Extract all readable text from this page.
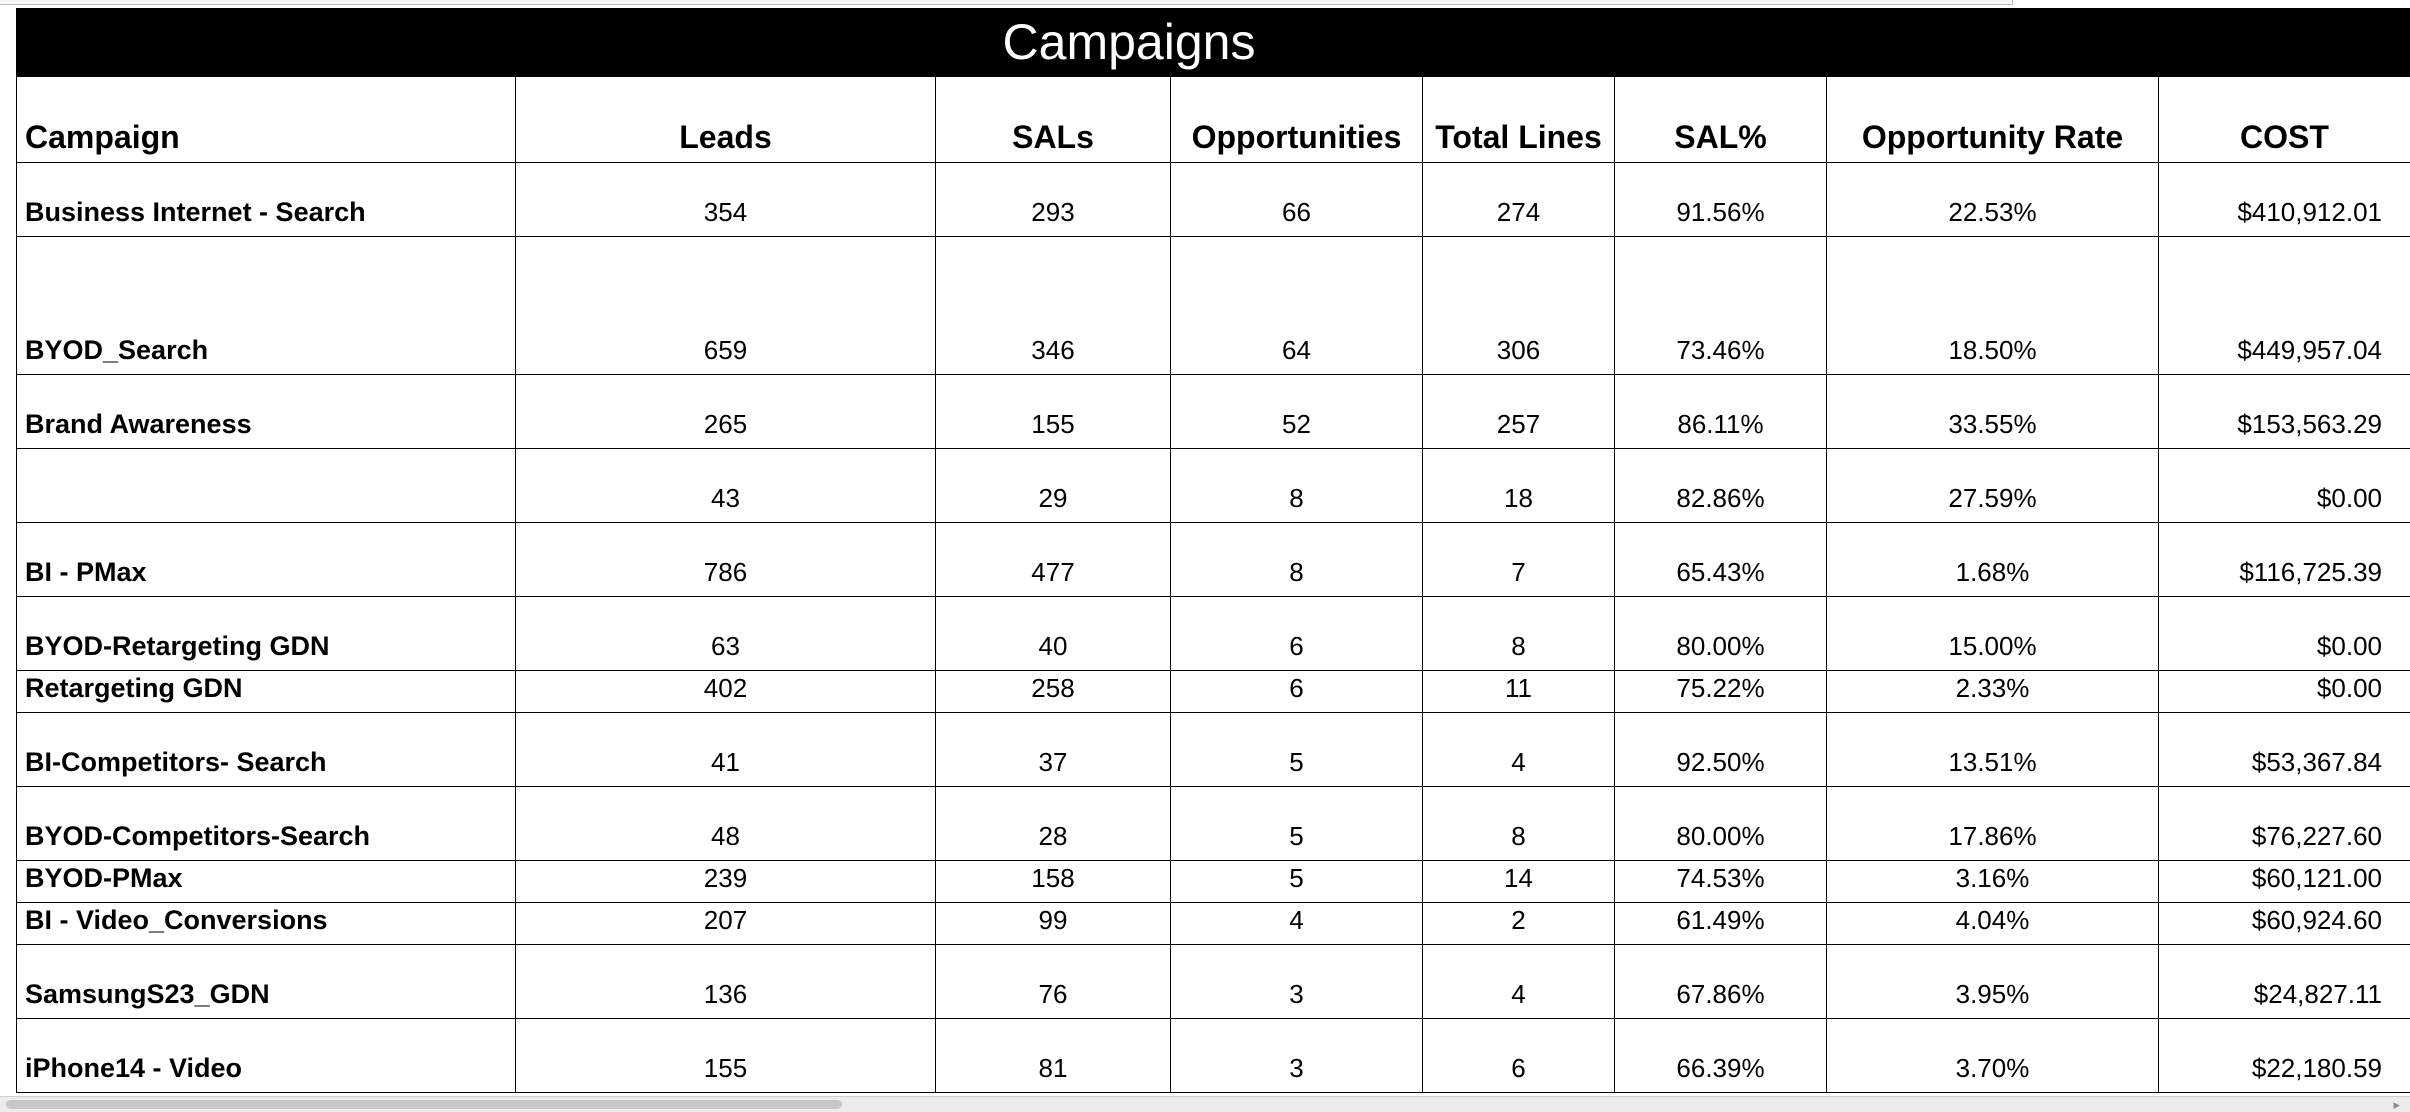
Campaigns
Campaign	Leads	SALs	Opportunities	Total Lines	SAL%	Opportunity Rate	COST
Business Internet - Search	354	293	66	274	91.56%	22.53%	$410,912.01
BYOD_Search	659	346	64	306	73.46%	18.50%	$449,957.04
Brand Awareness	265	155	52	257	86.11%	33.55%	$153,563.29
	43	29	8	18	82.86%	27.59%	$0.00
BI - PMax	786	477	8	7	65.43%	1.68%	$116,725.39
BYOD-Retargeting GDN	63	40	6	8	80.00%	15.00%	$0.00
Retargeting GDN	402	258	6	11	75.22%	2.33%	$0.00
BI-Competitors- Search	41	37	5	4	92.50%	13.51%	$53,367.84
BYOD-Competitors-Search	48	28	5	8	80.00%	17.86%	$76,227.60
BYOD-PMax	239	158	5	14	74.53%	3.16%	$60,121.00
BI - Video_Conversions	207	99	4	2	61.49%	4.04%	$60,924.60
SamsungS23_GDN	136	76	3	4	67.86%	3.95%	$24,827.11
iPhone14 - Video	155	81	3	6	66.39%	3.70%	$22,180.59
▸
